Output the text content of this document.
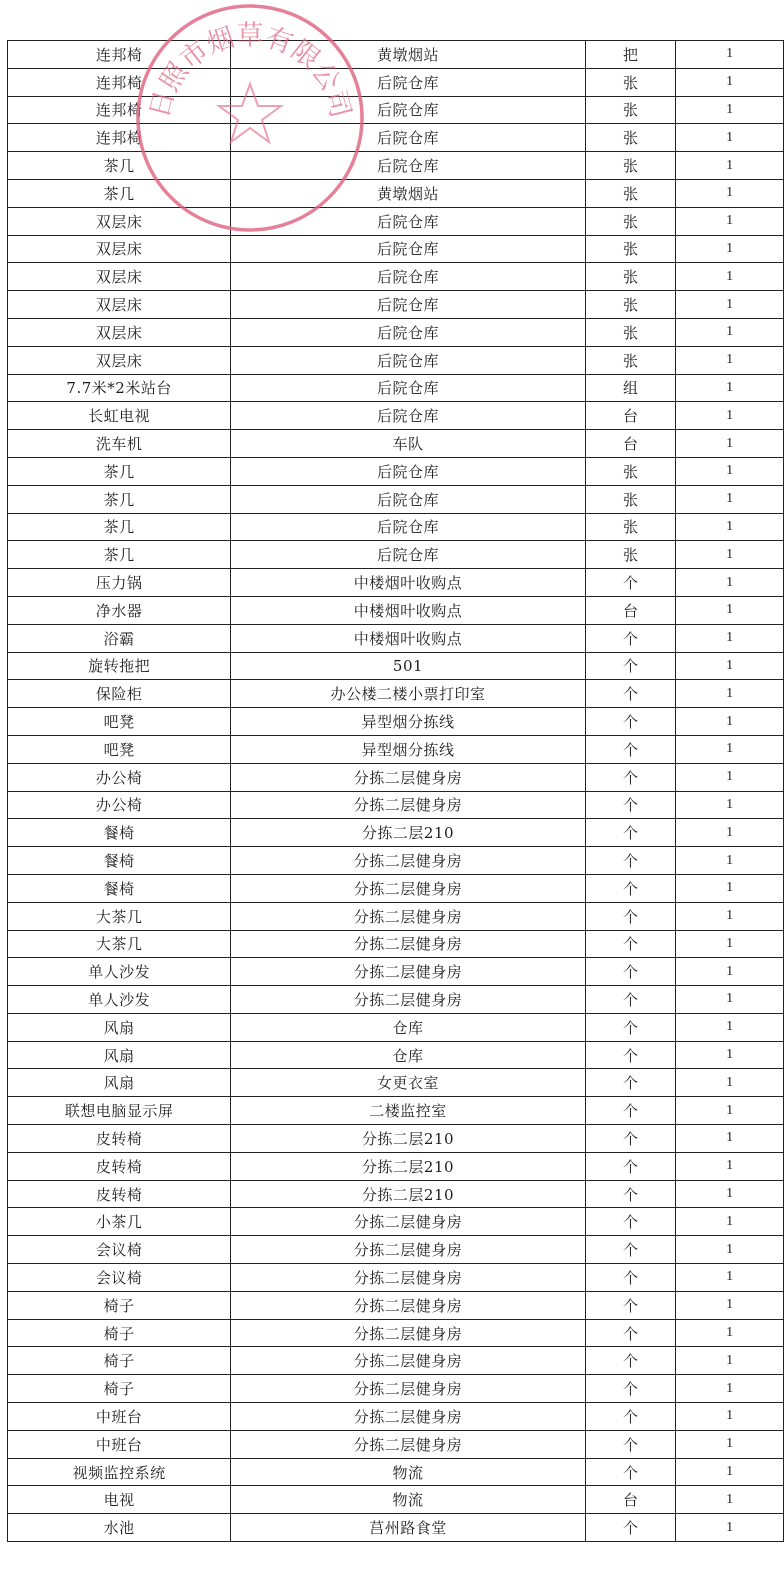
连邦椅	黄墩烟站	把	1
连邦椅	后院仓库	张	1
连邦椅	后院仓库	张	1
连邦椅	后院仓库	张	1
茶几	后院仓库	张	1
茶几	黄墩烟站	张	1
双层床	后院仓库	张	1
双层床	后院仓库	张	1
双层床	后院仓库	张	1
双层床	后院仓库	张	1
双层床	后院仓库	张	1
双层床	后院仓库	张	1
7.7米*2米站台	后院仓库	组	1
长虹电视	后院仓库	台	1
洗车机	车队	台	1
茶几	后院仓库	张	1
茶几	后院仓库	张	1
茶几	后院仓库	张	1
茶几	后院仓库	张	1
压力锅	中楼烟叶收购点	个	1
净水器	中楼烟叶收购点	台	1
浴霸	中楼烟叶收购点	个	1
旋转拖把	501	个	1
保险柜	办公楼二楼小票打印室	个	1
吧凳	异型烟分拣线	个	1
吧凳	异型烟分拣线	个	1
办公椅	分拣二层健身房	个	1
办公椅	分拣二层健身房	个	1
餐椅	分拣二层210	个	1
餐椅	分拣二层健身房	个	1
餐椅	分拣二层健身房	个	1
大茶几	分拣二层健身房	个	1
大茶几	分拣二层健身房	个	1
单人沙发	分拣二层健身房	个	1
单人沙发	分拣二层健身房	个	1
风扇	仓库	个	1
风扇	仓库	个	1
风扇	女更衣室	个	1
联想电脑显示屏	二楼监控室	个	1
皮转椅	分拣二层210	个	1
皮转椅	分拣二层210	个	1
皮转椅	分拣二层210	个	1
小茶几	分拣二层健身房	个	1
会议椅	分拣二层健身房	个	1
会议椅	分拣二层健身房	个	1
椅子	分拣二层健身房	个	1
椅子	分拣二层健身房	个	1
椅子	分拣二层健身房	个	1
椅子	分拣二层健身房	个	1
中班台	分拣二层健身房	个	1
中班台	分拣二层健身房	个	1
视频监控系统	物流	个	1
电视	物流	台	1
水池	莒州路食堂	个	1
日照市烟草有限公司
